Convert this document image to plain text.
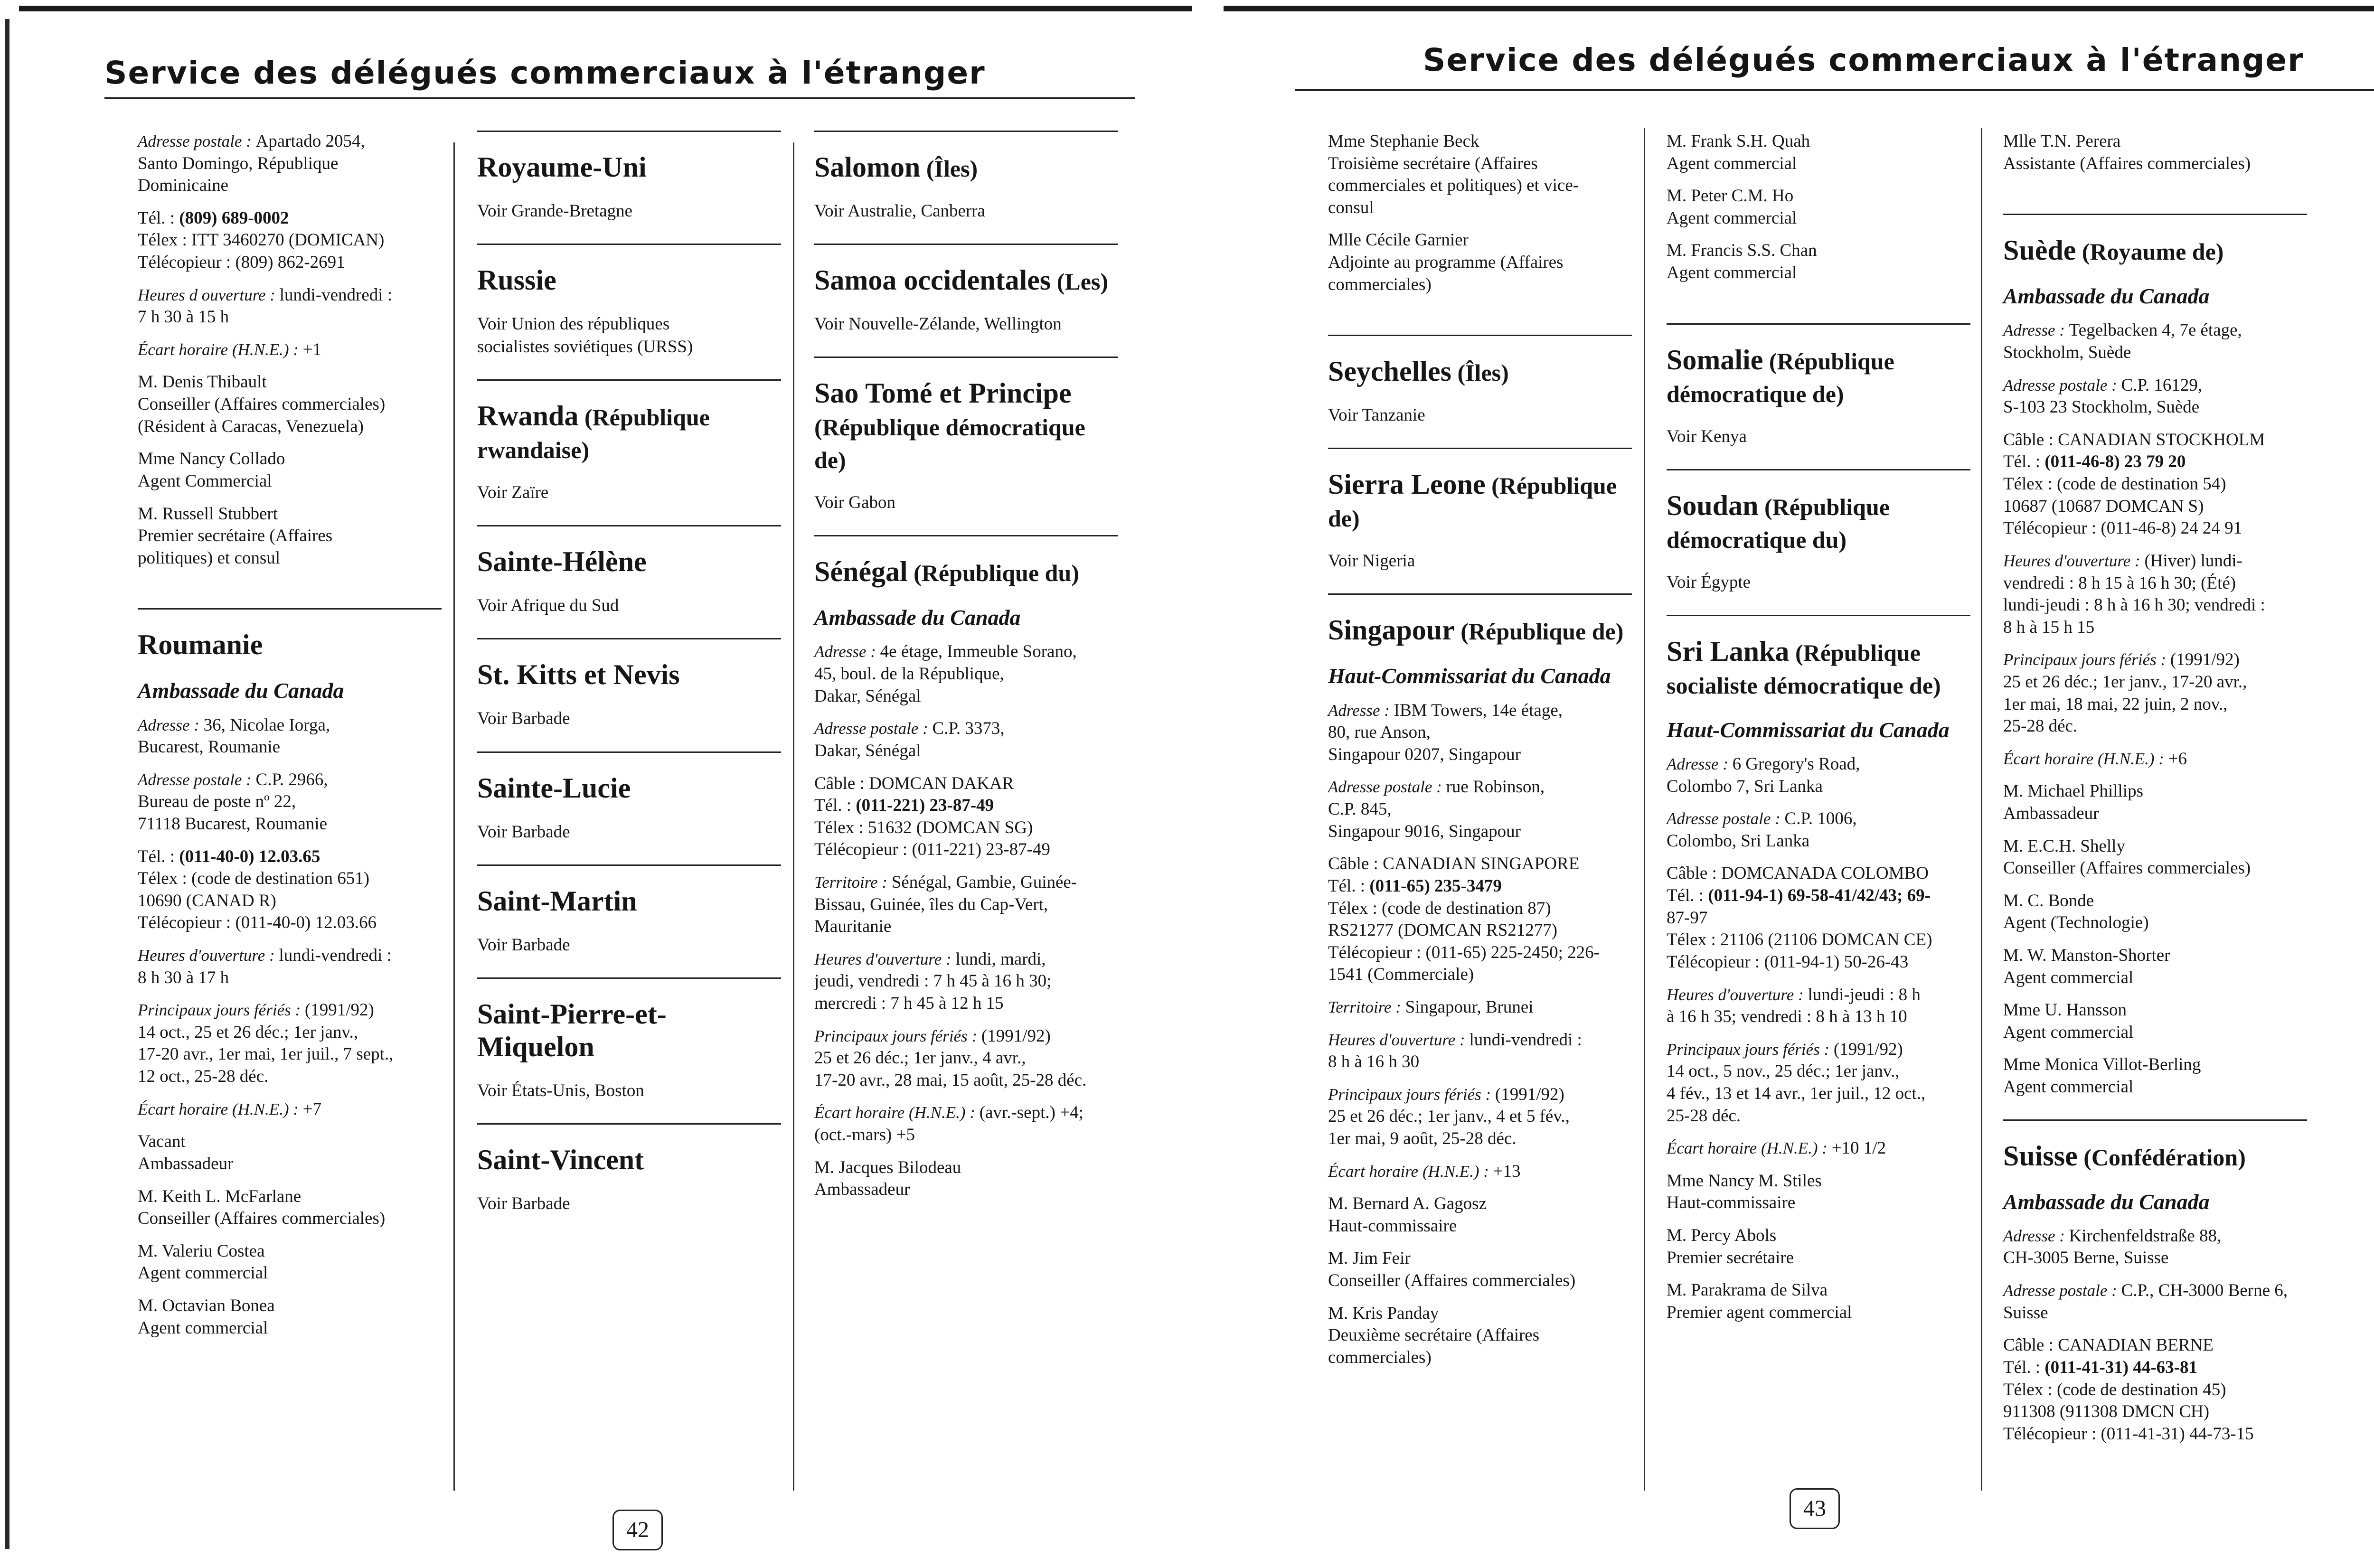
Service des délégués commerciaux à l'étranger
Adresse postale : Apartado 2054,
Santo Domingo, République
Dominicaine
Tél. : (809) 689-0002
Télex : ITT 3460270 (DOMICAN)
Télécopieur : (809) 862-2691
Heures d ouverture : lundi-vendredi :
7 h 30 à 15 h
Écart horaire (H.N.E.) : +1
M. Denis Thibault
Conseiller (Affaires commerciales)
(Résident à Caracas, Venezuela)
Mme Nancy Collado
Agent Commercial
M. Russell Stubbert
Premier secrétaire (Affaires
politiques) et consul
Roumanie
Ambassade du Canada
Adresse : 36, Nicolae Iorga,
Bucarest, Roumanie
Adresse postale : C.P. 2966,
Bureau de poste nº 22,
71118 Bucarest, Roumanie
Tél. : (011-40-0) 12.03.65
Télex : (code de destination 651)
10690 (CANAD R)
Télécopieur : (011-40-0) 12.03.66
Heures d'ouverture : lundi-vendredi :
8 h 30 à 17 h
Principaux jours fériés : (1991/92)
14 oct., 25 et 26 déc.; 1er janv.,
17-20 avr., 1er mai, 1er juil., 7 sept.,
12 oct., 25-28 déc.
Écart horaire (H.N.E.) : +7
Vacant
Ambassadeur
M. Keith L. McFarlane
Conseiller (Affaires commerciales)
M. Valeriu Costea
Agent commercial
M. Octavian Bonea
Agent commercial
Royaume-Uni
Voir Grande-Bretagne
Russie
Voir Union des républiques
socialistes soviétiques (URSS)
Rwanda (République rwandaise)
Voir Zaïre
Sainte-Hélène
Voir Afrique du Sud
St. Kitts et Nevis
Voir Barbade
Sainte-Lucie
Voir Barbade
Saint-Martin
Voir Barbade
Saint-Pierre-et-Miquelon
Voir États-Unis, Boston
Saint-Vincent
Voir Barbade
Salomon (Îles)
Voir Australie, Canberra
Samoa occidentales (Les)
Voir Nouvelle-Zélande, Wellington
Sao Tomé et Principe (République démocratique de)
Voir Gabon
Sénégal (République du)
Ambassade du Canada
Adresse : 4e étage, Immeuble Sorano,
45, boul. de la République,
Dakar, Sénégal
Adresse postale : C.P. 3373,
Dakar, Sénégal
Câble : DOMCAN DAKAR
Tél. : (011-221) 23-87-49
Télex : 51632 (DOMCAN SG)
Télécopieur : (011-221) 23-87-49
Territoire : Sénégal, Gambie, Guinée-
Bissau, Guinée, îles du Cap-Vert,
Mauritanie
Heures d'ouverture : lundi, mardi,
jeudi, vendredi : 7 h 45 à 16 h 30;
mercredi : 7 h 45 à 12 h 15
Principaux jours fériés : (1991/92)
25 et 26 déc.; 1er janv., 4 avr.,
17-20 avr., 28 mai, 15 août, 25-28 déc.
Écart horaire (H.N.E.) : (avr.-sept.) +4; (oct.-mars) +5
M. Jacques Bilodeau
Ambassadeur
42
Service des délégués commerciaux à l'étranger
Mme Stephanie Beck
Troisième secrétaire (Affaires
commerciales et politiques) et vice-
consul
Mlle Cécile Garnier
Adjointe au programme (Affaires
commerciales)
Seychelles (Îles)
Voir Tanzanie
Sierra Leone (République de)
Voir Nigeria
Singapour (République de)
Haut-Commissariat du Canada
Adresse : IBM Towers, 14e étage,
80, rue Anson,
Singapour 0207, Singapour
Adresse postale : rue Robinson,
C.P. 845,
Singapour 9016, Singapour
Câble : CANADIAN SINGAPORE
Tél. : (011-65) 235-3479
Télex : (code de destination 87)
RS21277 (DOMCAN RS21277)
Télécopieur : (011-65) 225-2450; 226-
1541 (Commerciale)
Territoire : Singapour, Brunei
Heures d'ouverture : lundi-vendredi :
8 h à 16 h 30
Principaux jours fériés : (1991/92)
25 et 26 déc.; 1er janv., 4 et 5 fév.,
1er mai, 9 août, 25-28 déc.
Écart horaire (H.N.E.) : +13
M. Bernard A. Gagosz
Haut-commissaire
M. Jim Feir
Conseiller (Affaires commerciales)
M. Kris Panday
Deuxième secrétaire (Affaires
commerciales)
M. Frank S.H. Quah
Agent commercial
M. Peter C.M. Ho
Agent commercial
M. Francis S.S. Chan
Agent commercial
Somalie (République démocratique de)
Voir Kenya
Soudan (République démocratique du)
Voir Égypte
Sri Lanka (République socialiste démocratique de)
Haut-Commissariat du Canada
Adresse : 6 Gregory's Road,
Colombo 7, Sri Lanka
Adresse postale : C.P. 1006,
Colombo, Sri Lanka
Câble : DOMCANADA COLOMBO
Tél. : (011-94-1) 69-58-41/42/43; 69-
87-97
Télex : 21106 (21106 DOMCAN CE)
Télécopieur : (011-94-1) 50-26-43
Heures d'ouverture : lundi-jeudi : 8 h
à 16 h 35; vendredi : 8 h à 13 h 10
Principaux jours fériés : (1991/92)
14 oct., 5 nov., 25 déc.; 1er janv.,
4 fév., 13 et 14 avr., 1er juil., 12 oct.,
25-28 déc.
Écart horaire (H.N.E.) : +10 1/2
Mme Nancy M. Stiles
Haut-commissaire
M. Percy Abols
Premier secrétaire
M. Parakrama de Silva
Premier agent commercial
Mlle T.N. Perera
Assistante (Affaires commerciales)
Suède (Royaume de)
Ambassade du Canada
Adresse : Tegelbacken 4, 7e étage,
Stockholm, Suède
Adresse postale : C.P. 16129,
S-103 23 Stockholm, Suède
Câble : CANADIAN STOCKHOLM
Tél. : (011-46-8) 23 79 20
Télex : (code de destination 54)
10687 (10687 DOMCAN S)
Télécopieur : (011-46-8) 24 24 91
Heures d'ouverture : (Hiver) lundi-
vendredi : 8 h 15 à 16 h 30; (Été)
lundi-jeudi : 8 h à 16 h 30; vendredi :
8 h à 15 h 15
Principaux jours fériés : (1991/92)
25 et 26 déc.; 1er janv., 17-20 avr.,
1er mai, 18 mai, 22 juin, 2 nov.,
25-28 déc.
Écart horaire (H.N.E.) : +6
M. Michael Phillips
Ambassadeur
M. E.C.H. Shelly
Conseiller (Affaires commerciales)
M. C. Bonde
Agent (Technologie)
M. W. Manston-Shorter
Agent commercial
Mme U. Hansson
Agent commercial
Mme Monica Villot-Berling
Agent commercial
Suisse (Confédération)
Ambassade du Canada
Adresse : Kirchenfeldstraße 88,
CH-3005 Berne, Suisse
Adresse postale : C.P., CH-3000 Berne 6, Suisse
Câble : CANADIAN BERNE
Tél. : (011-41-31) 44-63-81
Télex : (code de destination 45)
911308 (911308 DMCN CH)
Télécopieur : (011-41-31) 44-73-15
43
